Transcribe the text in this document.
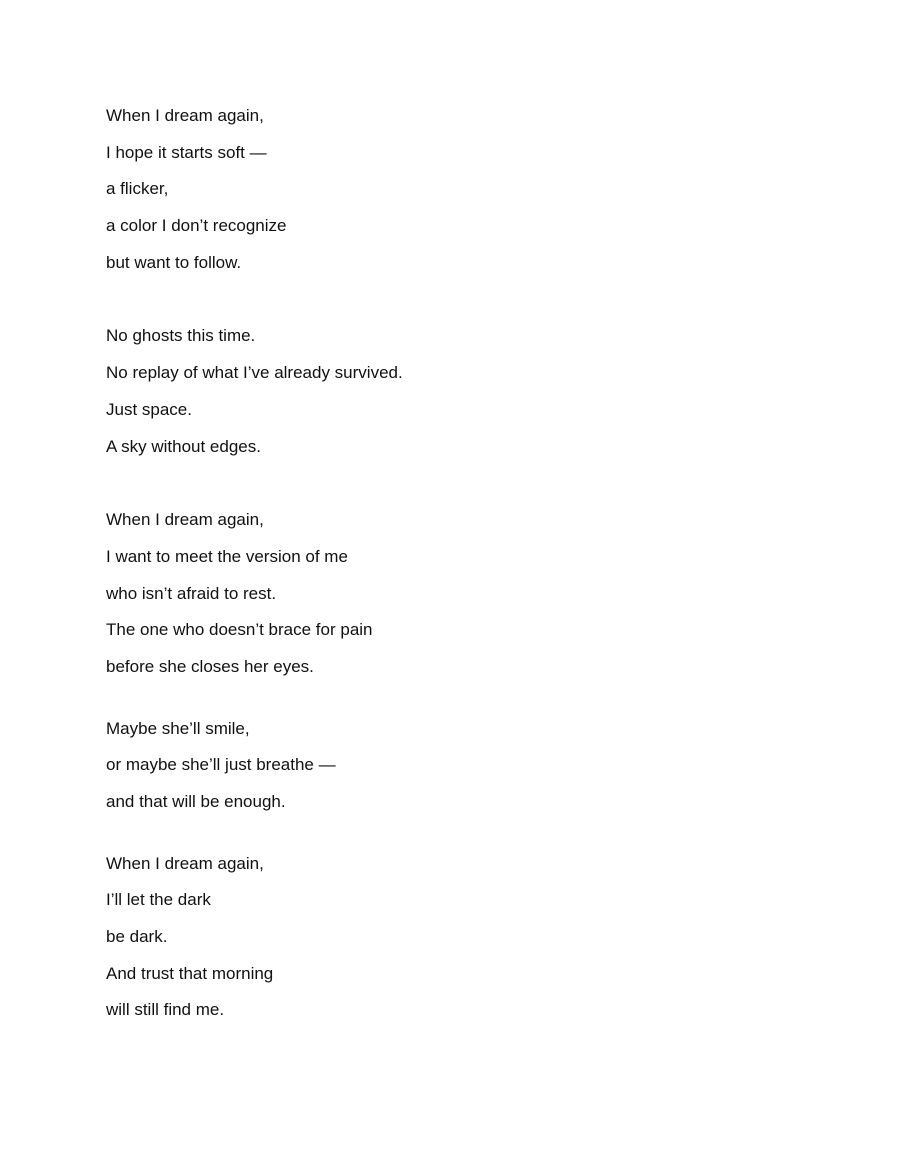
When I dream again,
I hope it starts soft —
a flicker,
a color I don’t recognize
but want to follow.
No ghosts this time.
No replay of what I’ve already survived.
Just space.
A sky without edges.
When I dream again,
I want to meet the version of me
who isn’t afraid to rest.
The one who doesn’t brace for pain
before she closes her eyes.
Maybe she’ll smile,
or maybe she’ll just breathe —
and that will be enough.
When I dream again,
I’ll let the dark
be dark.
And trust that morning
will still find me.
